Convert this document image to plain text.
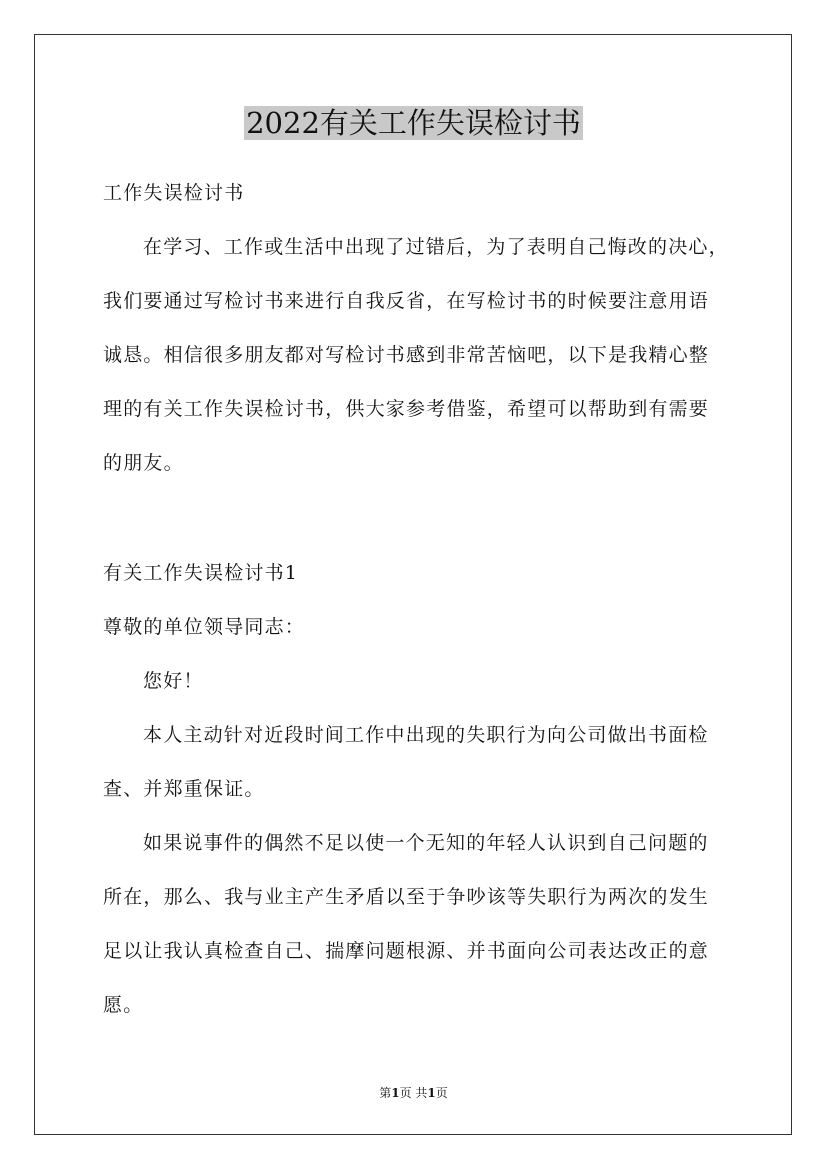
2022有关工作失误检讨书
工作失误检讨书
在学习、工作或生活中出现了过错后，为了表明自己悔改的决心，
我们要通过写检讨书来进行自我反省，在写检讨书的时候要注意用语
诚恳。相信很多朋友都对写检讨书感到非常苦恼吧，以下是我精心整
理的有关工作失误检讨书，供大家参考借鉴，希望可以帮助到有需要
的朋友。
有关工作失误检讨书1
尊敬的单位领导同志：
您好！
本人主动针对近段时间工作中出现的失职行为向公司做出书面检
查、并郑重保证。
如果说事件的偶然不足以使一个无知的年轻人认识到自己问题的
所在，那么、我与业主产生矛盾以至于争吵该等失职行为两次的发生
足以让我认真检查自己、揣摩问题根源、并书面向公司表达改正的意
愿。
第1页 共1页
